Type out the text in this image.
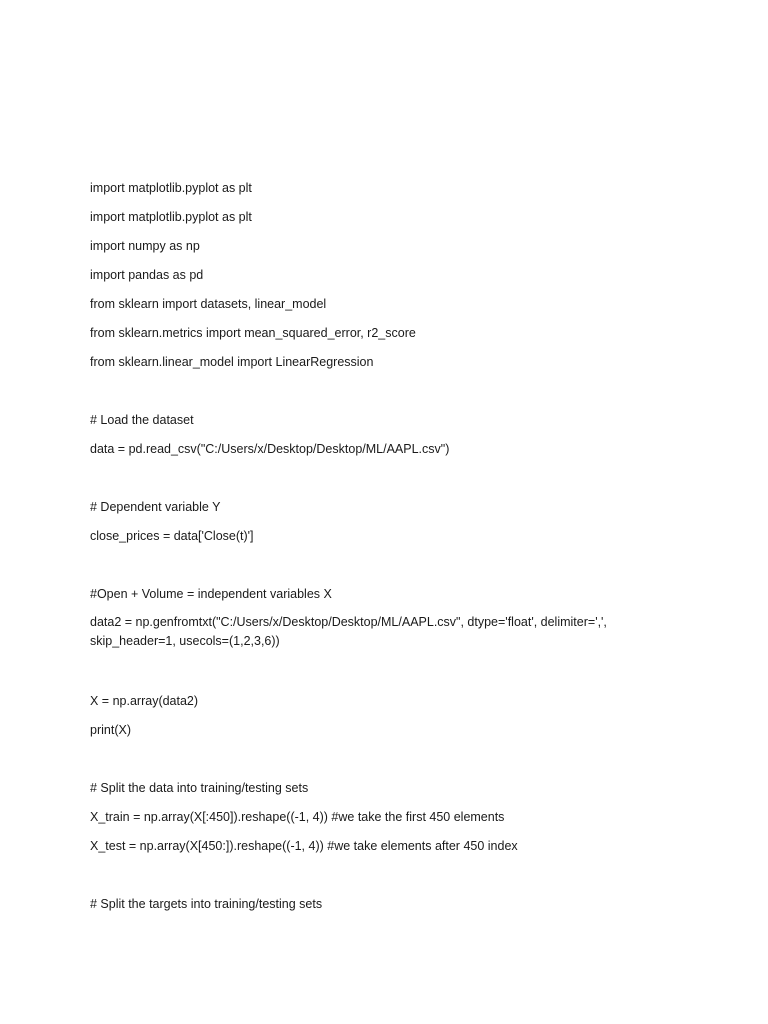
import matplotlib.pyplot as plt
import matplotlib.pyplot as plt
import numpy as np
import pandas as pd
from sklearn import datasets, linear_model
from sklearn.metrics import mean_squared_error, r2_score
from sklearn.linear_model import LinearRegression
# Load the dataset
data = pd.read_csv("C:/Users/x/Desktop/Desktop/ML/AAPL.csv")
# Dependent variable Y
close_prices = data['Close(t)']
#Open + Volume = independent variables X
data2 = np.genfromtxt("C:/Users/x/Desktop/Desktop/ML/AAPL.csv", dtype='float', delimiter=',', skip_header=1, usecols=(1,2,3,6))
X = np.array(data2)
print(X)
# Split the data into training/testing sets
X_train = np.array(X[:450]).reshape((-1, 4)) #we take the first 450 elements
X_test = np.array(X[450:]).reshape((-1, 4)) #we take elements after 450 index
# Split the targets into training/testing sets
